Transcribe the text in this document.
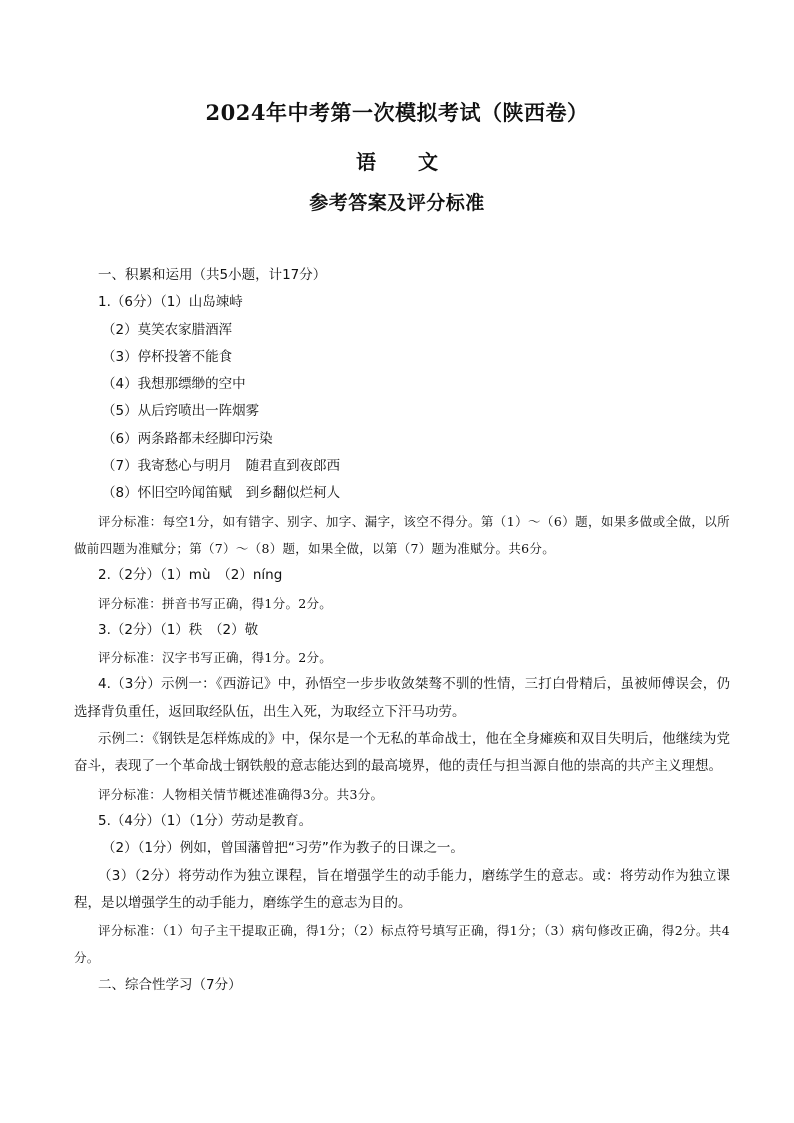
2024年中考第一次模拟考试（陕西卷）
语 文
参考答案及评分标准

一、积累和运用（共5小题，计17分）

1.（6分）（1）山岛竦峙

（2）莫笑农家腊酒浑

（3）停杯投箸不能食

（4）我想那缥缈的空中

（5）从后窍喷出一阵烟雾

（6）两条路都未经脚印污染

（7）我寄愁心与明月　随君直到夜郎西

（8）怀旧空吟闻笛赋　到乡翻似烂柯人

评分标准：每空1分，如有错字、别字、加字、漏字，该空不得分。第（1）～（6）题，如果多做或全做，以所做前四题为准赋分；第（7）～（8）题，如果全做，以第（7）题为准赋分。共6分。

2.（2分）（1）mù　（2）níng

评分标准：拼音书写正确，得1分。2分。

3.（2分）（1）秩　（2）敬

评分标准：汉字书写正确，得1分。2分。

4.（3分）示例一：《西游记》中，孙悟空一步步收敛桀骜不驯的性情，三打白骨精后，虽被师傅误会，仍选择背负重任，返回取经队伍，出生入死，为取经立下汗马功劳。

示例二：《钢铁是怎样炼成的》中，保尔是一个无私的革命战士，他在全身瘫痪和双目失明后，他继续为党奋斗，表现了一个革命战士钢铁般的意志能达到的最高境界，他的责任与担当源自他的崇高的共产主义理想。

评分标准：人物相关情节概述准确得3分。共3分。

5.（4分）（1）（1分）劳动是教育。

（2）（1分）例如，曾国藩曾把“习劳”作为教子的日课之一。

（3）（2分）将劳动作为独立课程，旨在增强学生的动手能力，磨练学生的意志。或：将劳动作为独立课程，是以增强学生的动手能力，磨练学生的意志为目的。

评分标准：（1）句子主干提取正确，得1分；（2）标点符号填写正确，得1分；（3）病句修改正确，得2分。共4分。

二、综合性学习（7分）
